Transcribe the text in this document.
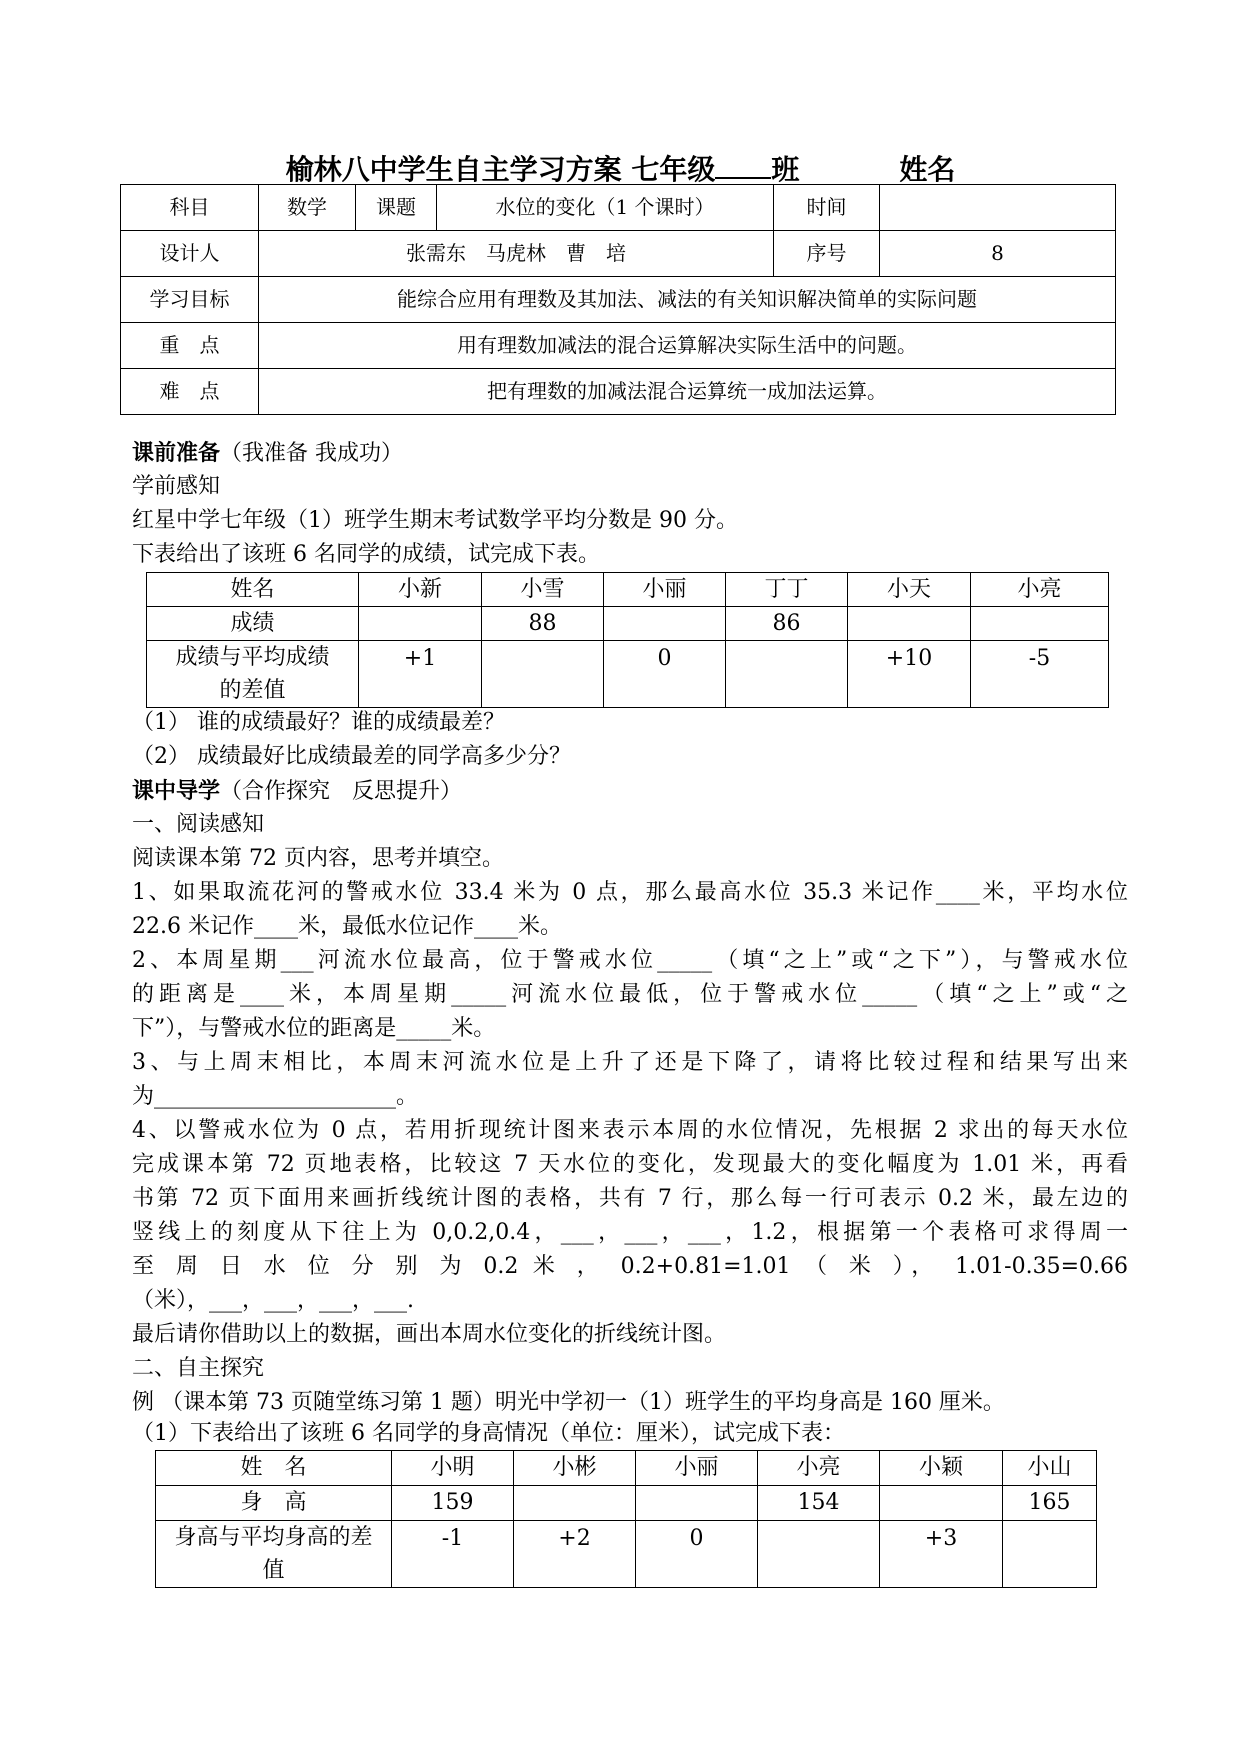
榆林八中学生自主学习方案 七年级 班	姓名
科目	数学	课题	水位的变化（1 个课时）	时间	
设计人	张需东　马虎林　曹　培			序号	8
学习目标	能综合应用有理数及其加法、减法的有关知识解决简单的实际问题				
重　点	用有理数加减法的混合运算解决实际生活中的问题。				
难　点	把有理数的加减法混合运算统一成加法运算。				
课前准备（我准备 我成功）
学前感知
红星中学七年级（1）班学生期末考试数学平均分数是 90 分。
下表给出了该班 6 名同学的成绩，试完成下表。
姓名	小新	小雪	小丽	丁丁	小天	小亮
成绩		88		86		
成绩与平均成绩
的差值	+1		0		+10	-5
（1） 谁的成绩最好？谁的成绩最差？
（2） 成绩最好比成绩最差的同学高多少分？
课中导学（合作探究　反思提升）
一、阅读感知
阅读课本第 72 页内容，思考并填空。
1、如果取流花河的警戒水位 33.4 米为 0 点，那么最高水位 35.3 米记作____米，平均水位
22.6 米记作____米，最低水位记作____米。
2、本周星期___河流水位最高，位于警戒水位_____（填“之上”或“之下”），与警戒水位
的距离是____米，本周星期_____河流水位最低，位于警戒水位_____（填“之上”或“之
下”），与警戒水位的距离是_____米。
3、与上周末相比，本周末河流水位是上升了还是下降了，请将比较过程和结果写出来
为______________________。
4、以警戒水位为 0 点，若用折现统计图来表示本周的水位情况，先根据 2 求出的每天水位
完成课本第 72 页地表格，比较这 7 天水位的变化，发现最大的变化幅度为 1.01 米，再看
书第 72 页下面用来画折线统计图的表格，共有 7 行，那么每一行可表示 0.2 米，最左边的
竖线上的刻度从下往上为 0,0.2,0.4，___，___，___，1.2，根据第一个表格可求得周一
至 周 日 水 位 分 别 为 0.2 米 ， 0.2+0.81=1.01 （ 米 ）， 1.01-0.35=0.66
（米），___，___，___，___.
最后请你借助以上的数据，画出本周水位变化的折线统计图。
二、自主探究
例 （课本第 73 页随堂练习第 1 题）明光中学初一（1）班学生的平均身高是 160 厘米。
（1）下表给出了该班 6 名同学的身高情况（单位：厘米），试完成下表：
姓　名	小明	小彬	小丽	小亮	小颖	小山
身　高	159			154		165
身高与平均身高的差
值	-1	+2	0		+3	
